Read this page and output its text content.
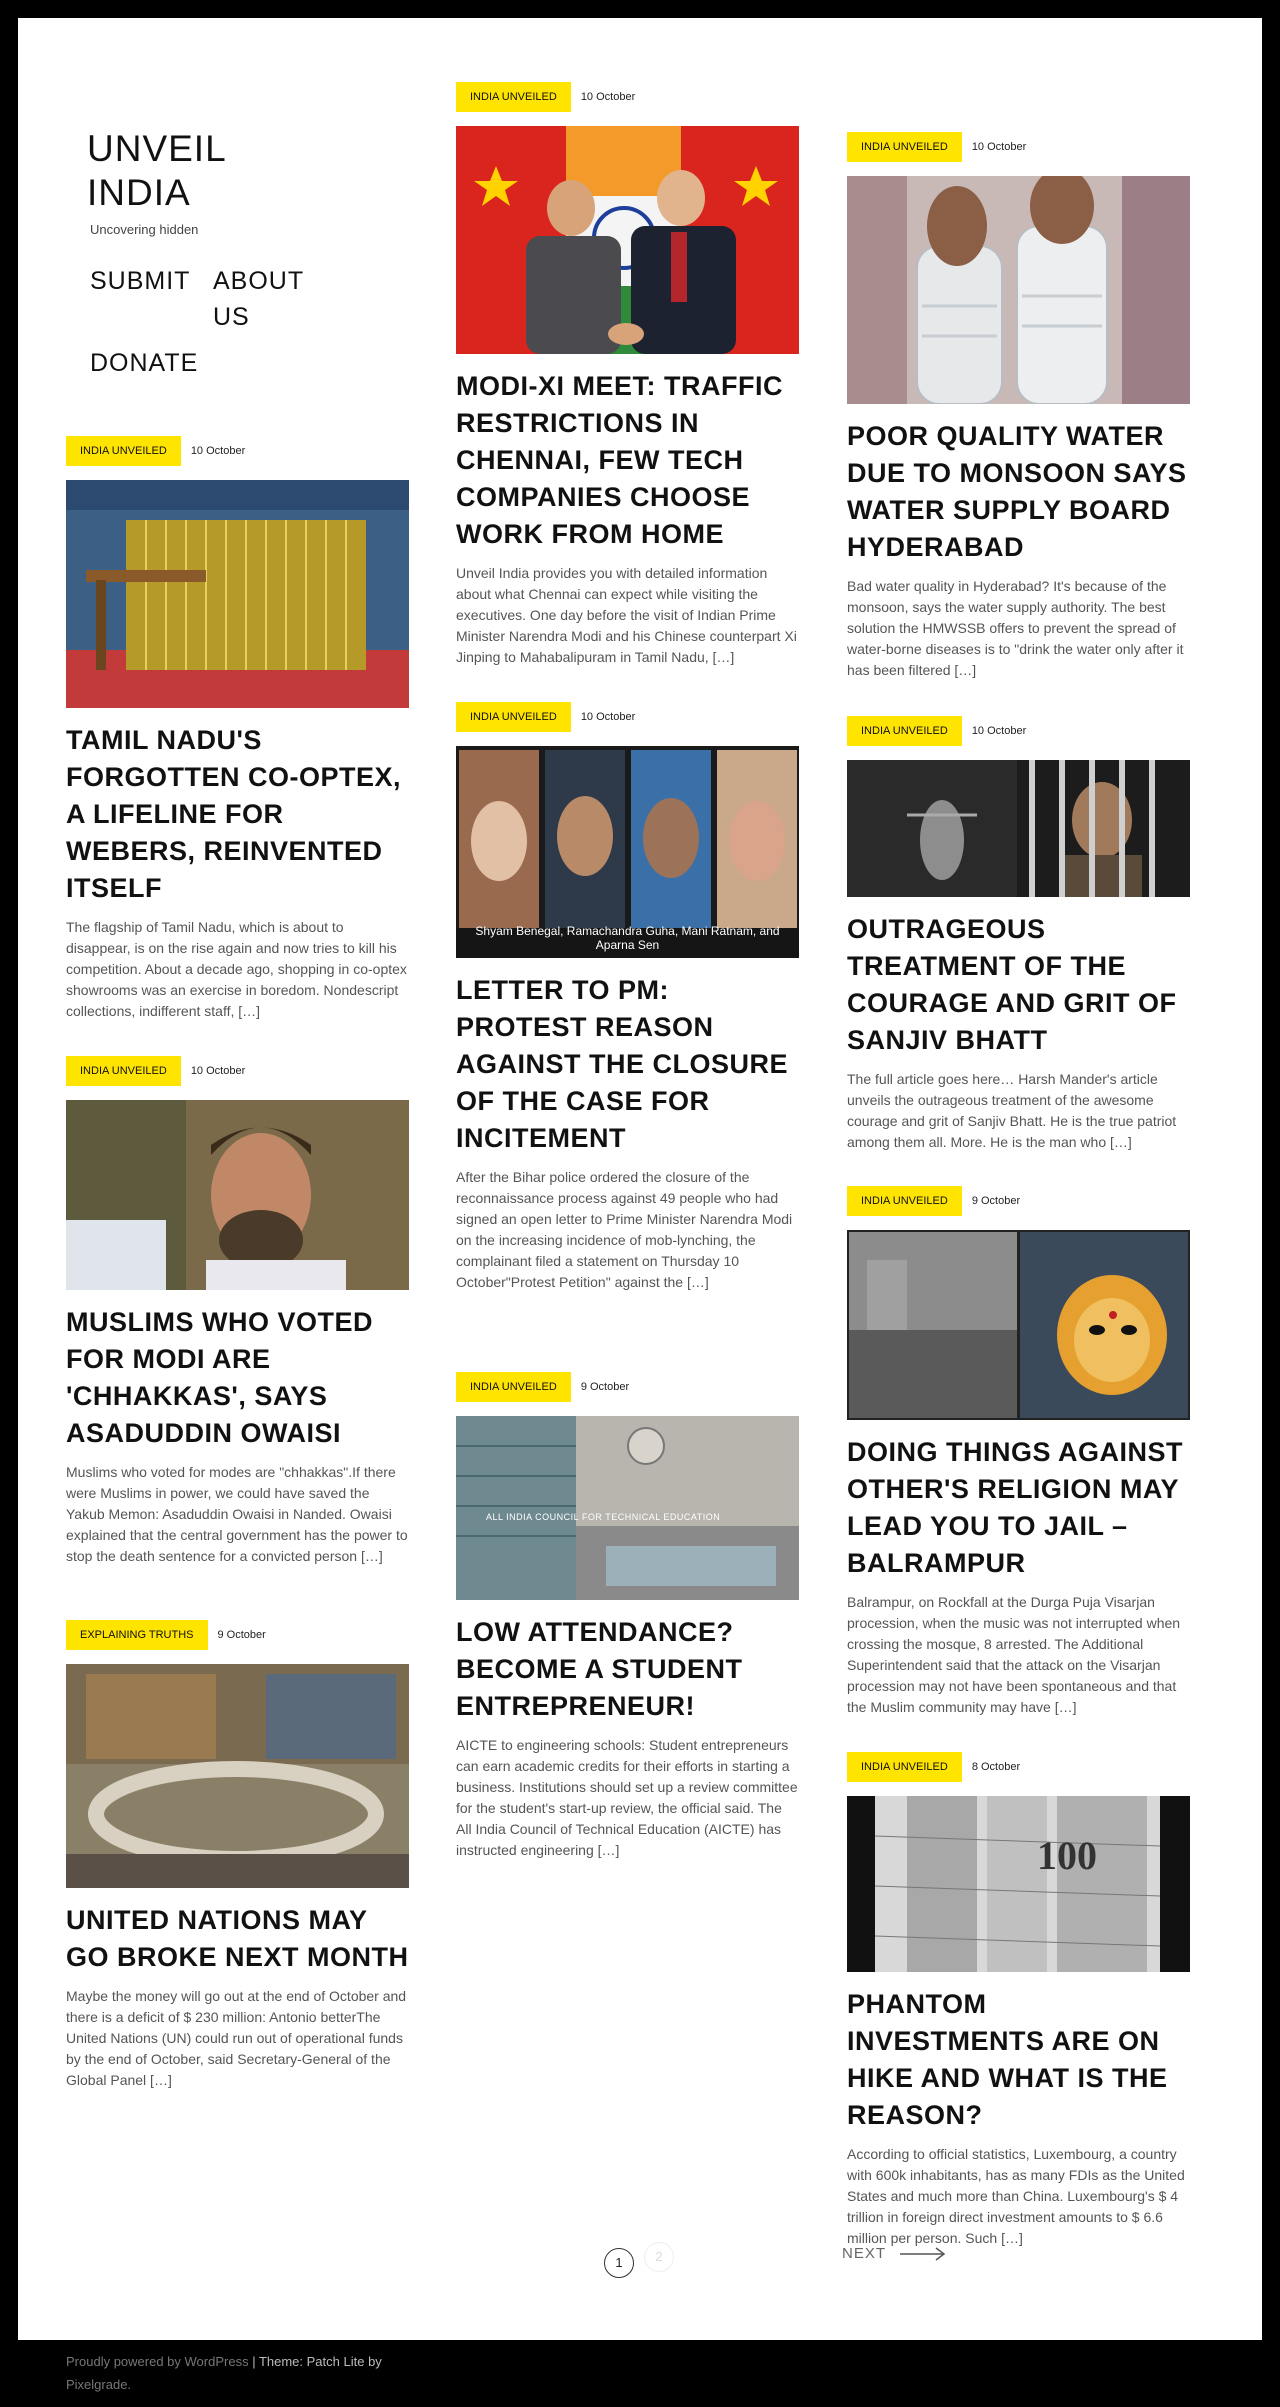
UNVEIL INDIA
Uncovering hidden
SUBMIT ABOUT US
DONATE
INDIA UNVEILED	10 October
MODI-XI MEET: TRAFFIC RESTRICTIONS IN CHENNAI, FEW TECH COMPANIES CHOOSE WORK FROM HOME

Unveil India provides you with detailed information about what Chennai can expect while visiting the executives. One day before the visit of Indian Prime Minister Narendra Modi and his Chinese counterpart Xi Jinping to Mahabalipuram in Tamil Nadu, […]

INDIA UNVEILED	10 October
POOR QUALITY WATER DUE TO MONSOON SAYS WATER SUPPLY BOARD HYDERABAD

Bad water quality in Hyderabad? It's because of the monsoon, says the water supply authority. The best solution the HMWSSB offers to prevent the spread of water-borne diseases is to "drink the water only after it has been filtered […]

INDIA UNVEILED	10 October
TAMIL NADU'S FORGOTTEN CO-OPTEX, A LIFELINE FOR WEBERS, REINVENTED ITSELF

The flagship of Tamil Nadu, which is about to disappear, is on the rise again and now tries to kill his competition. About a decade ago, shopping in co-optex showrooms was an exercise in boredom. Nondescript collections, indifferent staff, […]

INDIA UNVEILED	10 October
Shyam Benegal, Ramachandra Guha, Mani Ratnam, and Aparna Sen
LETTER TO PM: PROTEST REASON AGAINST THE CLOSURE OF THE CASE FOR INCITEMENT

After the Bihar police ordered the closure of the reconnaissance process against 49 people who had signed an open letter to Prime Minister Narendra Modi on the increasing incidence of mob-lynching, the complainant filed a statement on Thursday 10 October"Protest Petition" against the […]

INDIA UNVEILED	10 October
OUTRAGEOUS TREATMENT OF THE COURAGE AND GRIT OF SANJIV BHATT

The full article goes here… Harsh Mander's article unveils the outrageous treatment of the awesome courage and grit of Sanjiv Bhatt. He is the true patriot among them all. More. He is the man who […]

INDIA UNVEILED	10 October
MUSLIMS WHO VOTED FOR MODI ARE 'CHHAKKAS', SAYS ASADUDDIN OWAISI

Muslims who voted for modes are "chhakkas".If there were Muslims in power, we could have saved the Yakub Memon: Asaduddin Owaisi in Nanded. Owaisi explained that the central government has the power to stop the death sentence for a convicted person […]

INDIA UNVEILED	9 October
ALL INDIA COUNCIL FOR TECHNICAL EDUCATION
LOW ATTENDANCE? BECOME A STUDENT ENTREPRENEUR!

AICTE to engineering schools: Student entrepreneurs can earn academic credits for their efforts in starting a business. Institutions should set up a review committee for the student's start-up review, the official said. The All India Council of Technical Education (AICTE) has instructed engineering […]

INDIA UNVEILED	9 October
DOING THINGS AGAINST OTHER'S RELIGION MAY LEAD YOU TO JAIL – BALRAMPUR

Balrampur, on Rockfall at the Durga Puja Visarjan procession, when the music was not interrupted when crossing the mosque, 8 arrested. The Additional Superintendent said that the attack on the Visarjan procession may not have been spontaneous and that the Muslim community may have […]

EXPLAINING TRUTHS	9 October
UNITED NATIONS MAY GO BROKE NEXT MONTH

Maybe the money will go out at the end of October and there is a deficit of $ 230 million: Antonio betterThe United Nations (UN) could run out of operational funds by the end of October, said Secretary-General of the Global Panel […]

INDIA UNVEILED	8 October
100
PHANTOM INVESTMENTS ARE ON HIKE AND WHAT IS THE REASON?

According to official statistics, Luxembourg, a country with 600k inhabitants, has as many FDIs as the United States and much more than China. Luxembourg's $ 4 trillion in foreign direct investment amounts to $ 6.6 million per person. Such […]

1	2	NEXT
Proudly powered by WordPress | Theme: Patch Lite by
Pixelgrade.
